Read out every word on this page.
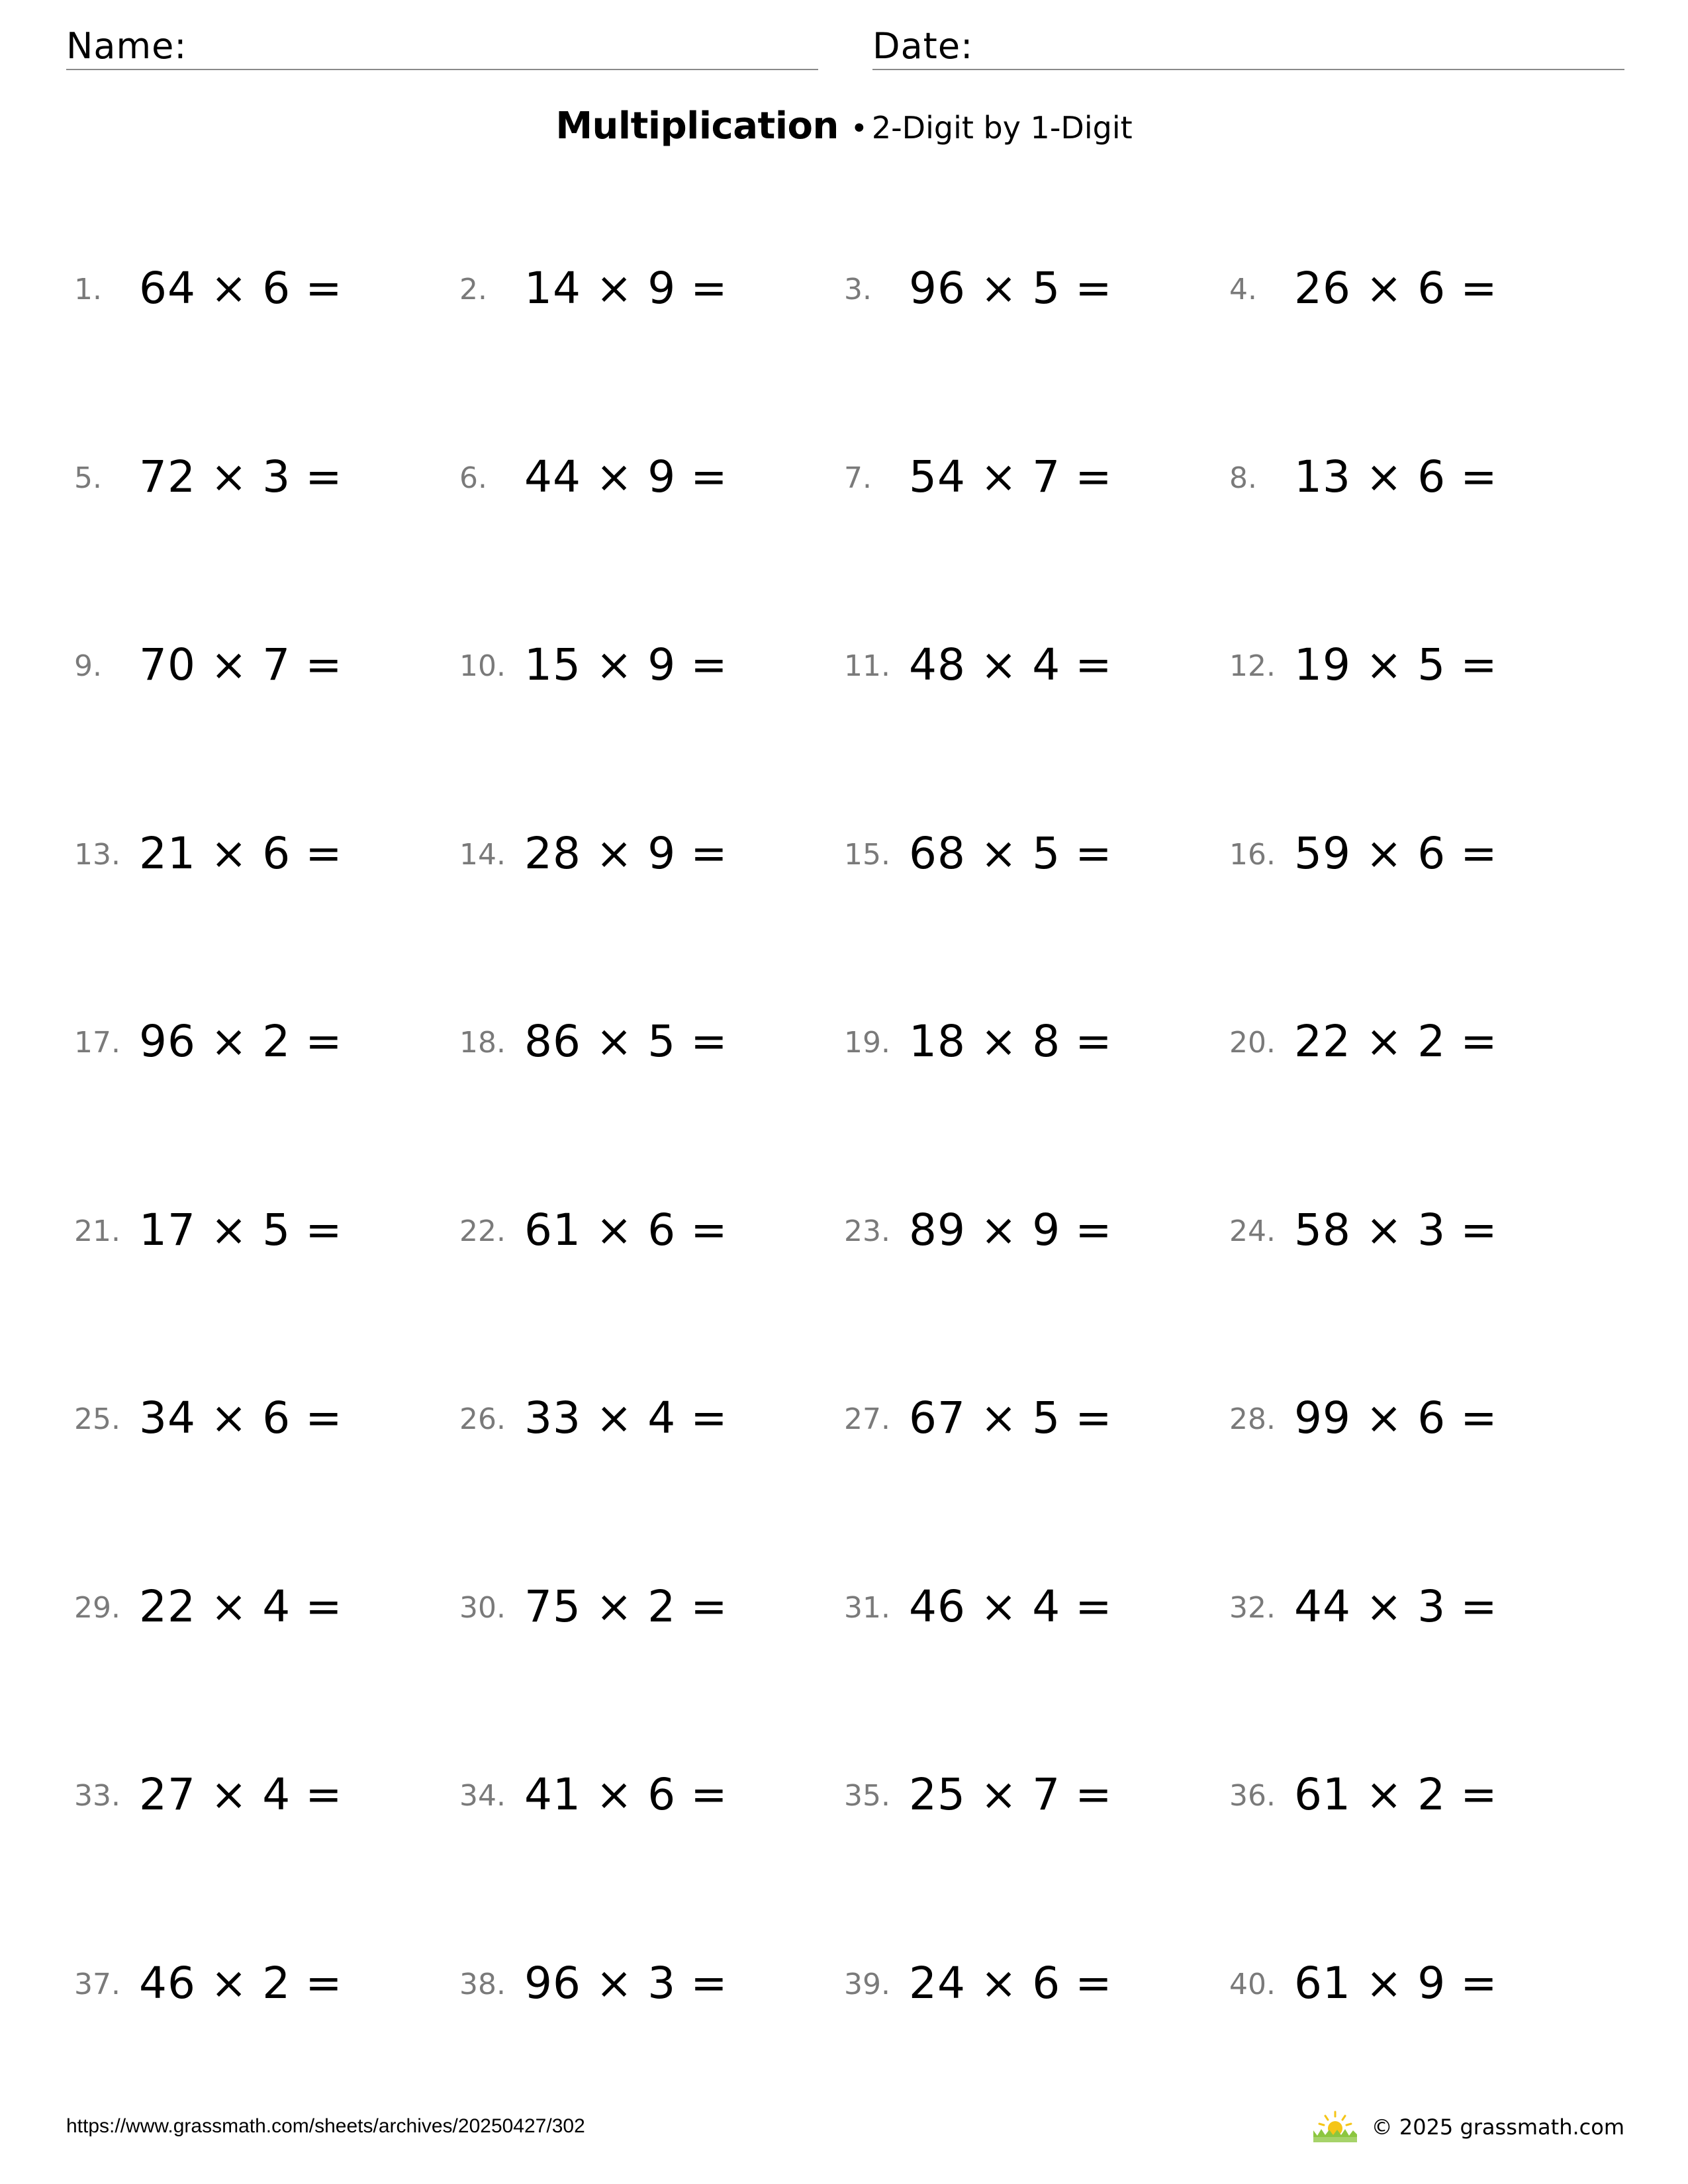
Name:	Date:
Multiplication • 2-Digit by 1-Digit
1. 64 × 6 =	2. 14 × 9 =	3. 96 × 5 =	4. 26 × 6 =
5. 72 × 3 =	6. 44 × 9 =	7. 54 × 7 =	8. 13 × 6 =
9. 70 × 7 =	10. 15 × 9 =	11. 48 × 4 =	12. 19 × 5 =
13. 21 × 6 =	14. 28 × 9 =	15. 68 × 5 =	16. 59 × 6 =
17. 96 × 2 =	18. 86 × 5 =	19. 18 × 8 =	20. 22 × 2 =
21. 17 × 5 =	22. 61 × 6 =	23. 89 × 9 =	24. 58 × 3 =
25. 34 × 6 =	26. 33 × 4 =	27. 67 × 5 =	28. 99 × 6 =
29. 22 × 4 =	30. 75 × 2 =	31. 46 × 4 =	32. 44 × 3 =
33. 27 × 4 =	34. 41 × 6 =	35. 25 × 7 =	36. 61 × 2 =
37. 46 × 2 =	38. 96 × 3 =	39. 24 × 6 =	40. 61 × 9 =
https://www.grassmath.com/sheets/archives/20250427/302	© 2025 grassmath.com
